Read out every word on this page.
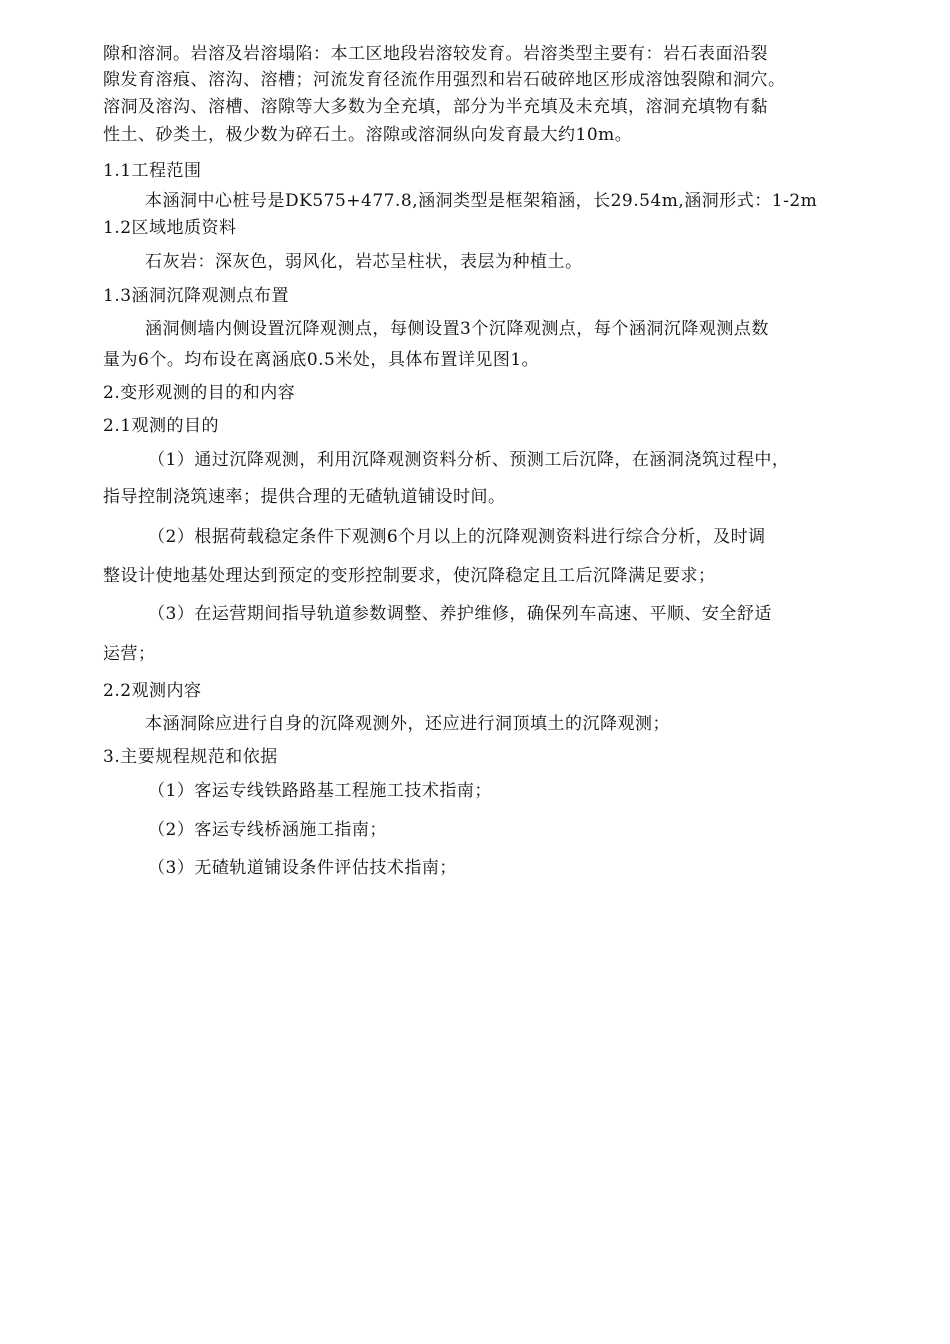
隙和溶洞。岩溶及岩溶塌陷：本工区地段岩溶较发育。岩溶类型主要有：岩石表面沿裂
隙发育溶痕、溶沟、溶槽；河流发育径流作用强烈和岩石破碎地区形成溶蚀裂隙和洞穴。
溶洞及溶沟、溶槽、溶隙等大多数为全充填，部分为半充填及未充填，溶洞充填物有黏
性土、砂类土，极少数为碎石土。溶隙或溶洞纵向发育最大约10m。
1.1工程范围
本涵洞中心桩号是DK575+477.8,涵洞类型是框架箱涵，长29.54m,涵洞形式：1-2m
1.2区域地质资料
石灰岩：深灰色，弱风化，岩芯呈柱状，表层为种植土。
1.3涵洞沉降观测点布置
涵洞侧墙内侧设置沉降观测点，每侧设置3个沉降观测点，每个涵洞沉降观测点数
量为6个。均布设在离涵底0.5米处，具体布置详见图1。
2.变形观测的目的和内容
2.1观测的目的
（1）通过沉降观测，利用沉降观测资料分析、预测工后沉降，在涵洞浇筑过程中，
指导控制浇筑速率；提供合理的无碴轨道铺设时间。
（2）根据荷载稳定条件下观测6个月以上的沉降观测资料进行综合分析，及时调
整设计使地基处理达到预定的变形控制要求，使沉降稳定且工后沉降满足要求；
（3）在运营期间指导轨道参数调整、养护维修，确保列车高速、平顺、安全舒适
运营；
2.2观测内容
本涵洞除应进行自身的沉降观测外，还应进行洞顶填土的沉降观测；
3.主要规程规范和依据
（1）客运专线铁路路基工程施工技术指南；
（2）客运专线桥涵施工指南；
（3）无碴轨道铺设条件评估技术指南；
